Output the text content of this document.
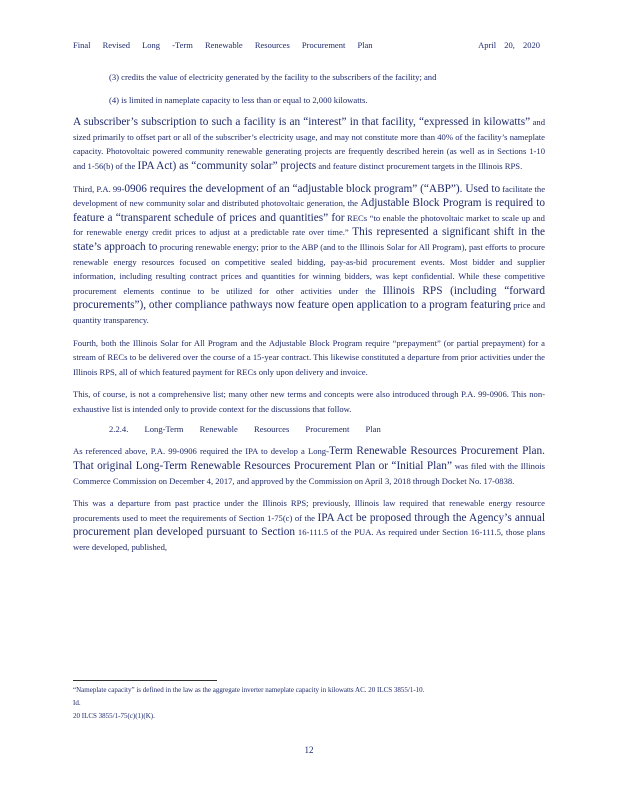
Final Revised Long -Term Renewable Resources Procurement Plan	April 20, 2020

(3) credits the value of electricity generated by the facility to the subscribers of the facility; and

(4) is limited in nameplate capacity to less than or equal to 2,000 kilowatts.

A subscriber’s subscription to such a facility is an “interest” in that facility, “expressed in kilowatts” and sized primarily to offset part or all of the subscriber’s electricity usage, and may not constitute more than 40% of the facility’s nameplate capacity. Photovoltaic powered community renewable generating projects are frequently described herein (as well as in Sections 1-10 and 1-56(b) of the IPA Act) as “community solar” projects and feature distinct procurement targets in the Illinois RPS.

Third, P.A. 99-0906 requires the development of an “adjustable block program” (“ABP”). Used to facilitate the development of new community solar and distributed photovoltaic generation, the Adjustable Block Program is required to feature a “transparent schedule of prices and quantities” for RECs “to enable the photovoltaic market to scale up and for renewable energy credit prices to adjust at a predictable rate over time.” This represented a significant shift in the state’s approach to procuring renewable energy; prior to the ABP (and to the Illinois Solar for All Program), past efforts to procure renewable energy resources focused on competitive sealed bidding, pay-as-bid procurement events. Most bidder and supplier information, including resulting contract prices and quantities for winning bidders, was kept confidential. While these competitive procurement elements continue to be utilized for other activities under the Illinois RPS (including “forward procurements”), other compliance pathways now feature open application to a program featuring price and quantity transparency.

Fourth, both the Illinois Solar for All Program and the Adjustable Block Program require “prepayment” (or partial prepayment) for a stream of RECs to be delivered over the course of a 15-year contract. This likewise constituted a departure from prior activities under the Illinois RPS, all of which featured payment for RECs only upon delivery and invoice.

This, of course, is not a comprehensive list; many other new terms and concepts were also introduced through P.A. 99-0906. This non-exhaustive list is intended only to provide context for the discussions that follow.

2.2.4. Long-Term Renewable Resources Procurement Plan

As referenced above, P.A. 99-0906 required the IPA to develop a Long-Term Renewable Resources Procurement Plan. That original Long-Term Renewable Resources Procurement Plan or “Initial Plan” was filed with the Illinois Commerce Commission on December 4, 2017, and approved by the Commission on April 3, 2018 through Docket No. 17-0838.

This was a departure from past practice under the Illinois RPS; previously, Illinois law required that renewable energy resource procurements used to meet the requirements of Section 1-75(c) of the IPA Act be proposed through the Agency’s annual procurement plan developed pursuant to Section 16-111.5 of the PUA. As required under Section 16-111.5, those plans were developed, published,

“Nameplate capacity” is defined in the law as the aggregate inverter nameplate capacity in kilowatts AC. 20 ILCS 3855/1-10.
Id.
20 ILCS 3855/1-75(c)(1)(K).
12
